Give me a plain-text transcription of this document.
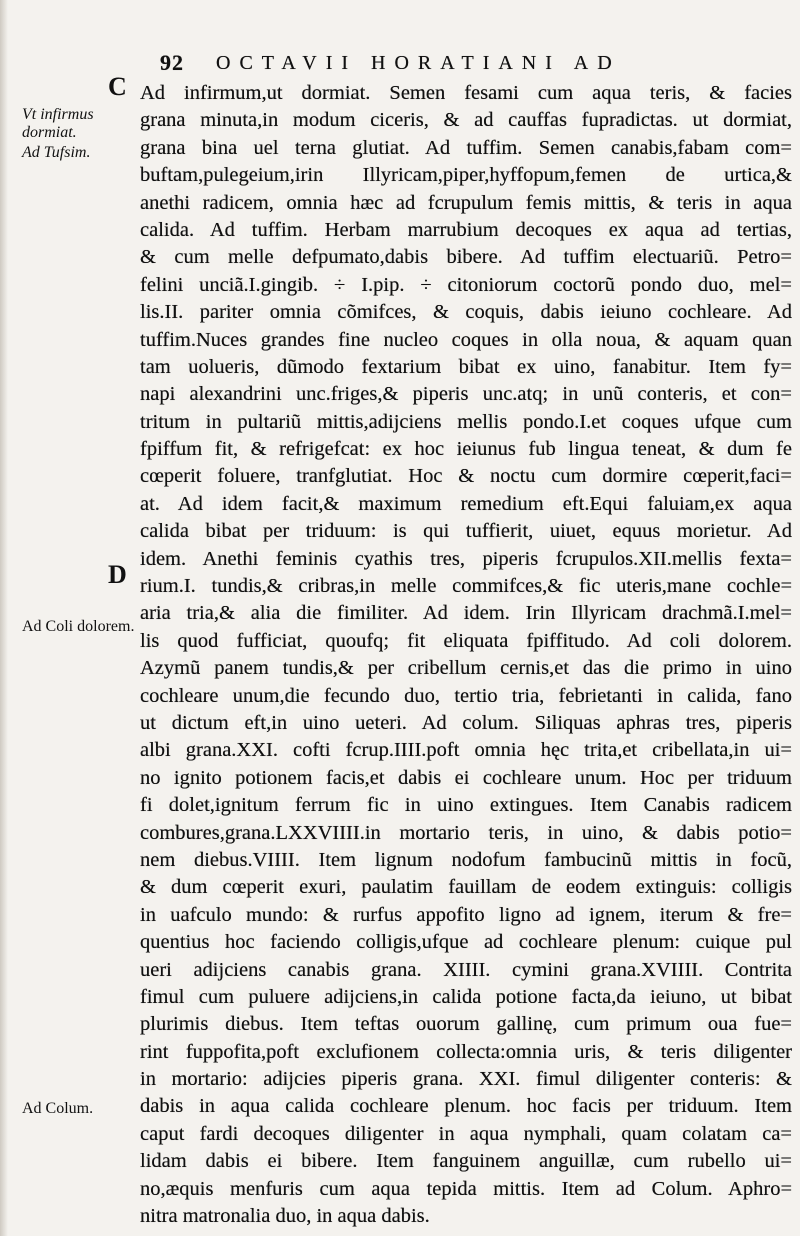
92 OCTAVII HORATIANI AD
C
D
Vt infirmus dormiat.
Ad Tufsim.
Ad Coli dolorem.
Ad Colum.
Ad infirmum,ut dormiat. Semen fesami cum aqua teris, & facies
grana minuta,in modum ciceris, & ad cauffas fupradictas. ut dormiat,
grana bina uel terna glutiat. Ad tuffim. Semen canabis,fabam com=
buftam,pulegeium,irin Illyricam,piper,hyffopum,femen de urtica,&
anethi radicem, omnia hæc ad fcrupulum femis mittis, & teris in aqua
calida. Ad tuffim. Herbam marrubium decoques ex aqua ad tertias,
& cum melle defpumato,dabis bibere. Ad tuffim electuariũ. Petro=
felini unciã.I.gingib. ÷ I.pip. ÷ citoniorum coctorũ pondo duo, mel=
lis.II. pariter omnia cõmifces, & coquis, dabis ieiuno cochleare. Ad
tuffim.Nuces grandes fine nucleo coques in olla noua, & aquam quan
tam uolueris, dũmodo fextarium bibat ex uino, fanabitur. Item fy=
napi alexandrini unc.friges,& piperis unc.atq; in unũ conteris, et con=
tritum in pultariũ mittis,adijciens mellis pondo.I.et coques ufque cum
fpiffum fit, & refrigefcat: ex hoc ieiunus fub lingua teneat, & dum fe
cœperit foluere, tranfglutiat. Hoc & noctu cum dormire cœperit,faci=
at. Ad idem facit,& maximum remedium eft.Equi faluiam,ex aqua
calida bibat per triduum: is qui tuffierit, uiuet, equus morietur. Ad
idem. Anethi feminis cyathis tres, piperis fcrupulos.XII.mellis fexta=
rium.I. tundis,& cribras,in melle commifces,& fic uteris,mane cochle=
aria tria,& alia die fimiliter. Ad idem. Irin Illyricam drachmã.I.mel=
lis quod fufficiat, quoufq; fit eliquata fpiffitudo. Ad coli dolorem.
Azymũ panem tundis,& per cribellum cernis,et das die primo in uino
cochleare unum,die fecundo duo, tertio tria, febrietanti in calida, fano
ut dictum eft,in uino ueteri. Ad colum. Siliquas aphras tres, piperis
albi grana.XXI. cofti fcrup.IIII.poft omnia hęc trita,et cribellata,in ui=
no ignito potionem facis,et dabis ei cochleare unum. Hoc per triduum
fi dolet,ignitum ferrum fic in uino extingues. Item Canabis radicem
combures,grana.LXXVIIII.in mortario teris, in uino, & dabis potio=
nem diebus.VIIII. Item lignum nodofum fambucinũ mittis in focũ,
& dum cœperit exuri, paulatim fauillam de eodem extinguis: colligis
in uafculo mundo: & rurfus appofito ligno ad ignem, iterum & fre=
quentius hoc faciendo colligis,ufque ad cochleare plenum: cuique pul
ueri adijciens canabis grana. XIIII. cymini grana.XVIIII. Contrita
fimul cum puluere adijciens,in calida potione facta,da ieiuno, ut bibat
plurimis diebus. Item teftas ouorum gallinę, cum primum oua fue=
rint fuppofita,poft exclufionem collecta:omnia uris, & teris diligenter
in mortario: adijcies piperis grana. XXI. fimul diligenter conteris: &
dabis in aqua calida cochleare plenum. hoc facis per triduum. Item
caput fardi decoques diligenter in aqua nymphali, quam colatam ca=
lidam dabis ei bibere. Item fanguinem anguillæ, cum rubello ui=
no,æquis menfuris cum aqua tepida mittis. Item ad Colum. Aphro=
nitra matronalia duo, in aqua dabis.
